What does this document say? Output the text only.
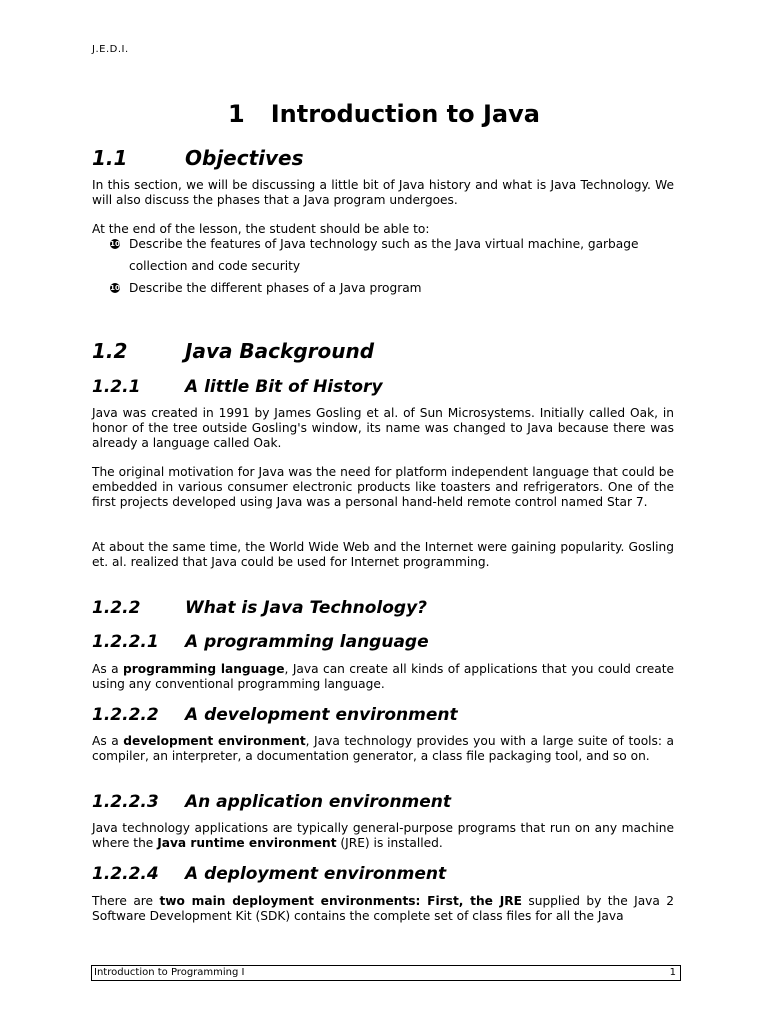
J.E.D.I.
1 Introduction to Java
1.1	Objectives

In this section, we will be discussing a little bit of Java history and what is Java Technology. We will also discuss the phases that a Java program undergoes.

At the end of the lesson, the student should be able to:

10 Describe the features of Java technology such as the Java virtual machine, garbage collection and code security
10 Describe the different phases of a Java program
1.2	Java Background
1.2.1	A little Bit of History

Java was created in 1991 by James Gosling et al. of Sun Microsystems. Initially called Oak, in honor of the tree outside Gosling's window, its name was changed to Java because there was already a language called Oak.

The original motivation for Java was the need for platform independent language that could be embedded in various consumer electronic products like toasters and refrigerators. One of the first projects developed using Java was a personal hand-held remote control named Star 7.

At about the same time, the World Wide Web and the Internet were gaining popularity. Gosling et. al. realized that Java could be used for Internet programming.

1.2.2	What is Java Technology?
1.2.2.1 A programming language

As a programming language, Java can create all kinds of applications that you could create using any conventional programming language.

1.2.2.2 A development environment

As a development environment, Java technology provides you with a large suite of tools: a compiler, an interpreter, a documentation generator, a class file packaging tool, and so on.

1.2.2.3 An application environment

Java technology applications are typically general-purpose programs that run on any machine where the Java runtime environment (JRE) is installed.

1.2.2.4 A deployment environment

There are two main deployment environments: First, the JRE supplied by the Java 2 Software Development Kit (SDK) contains the complete set of class files for all the Java

Introduction to Programming I	1
